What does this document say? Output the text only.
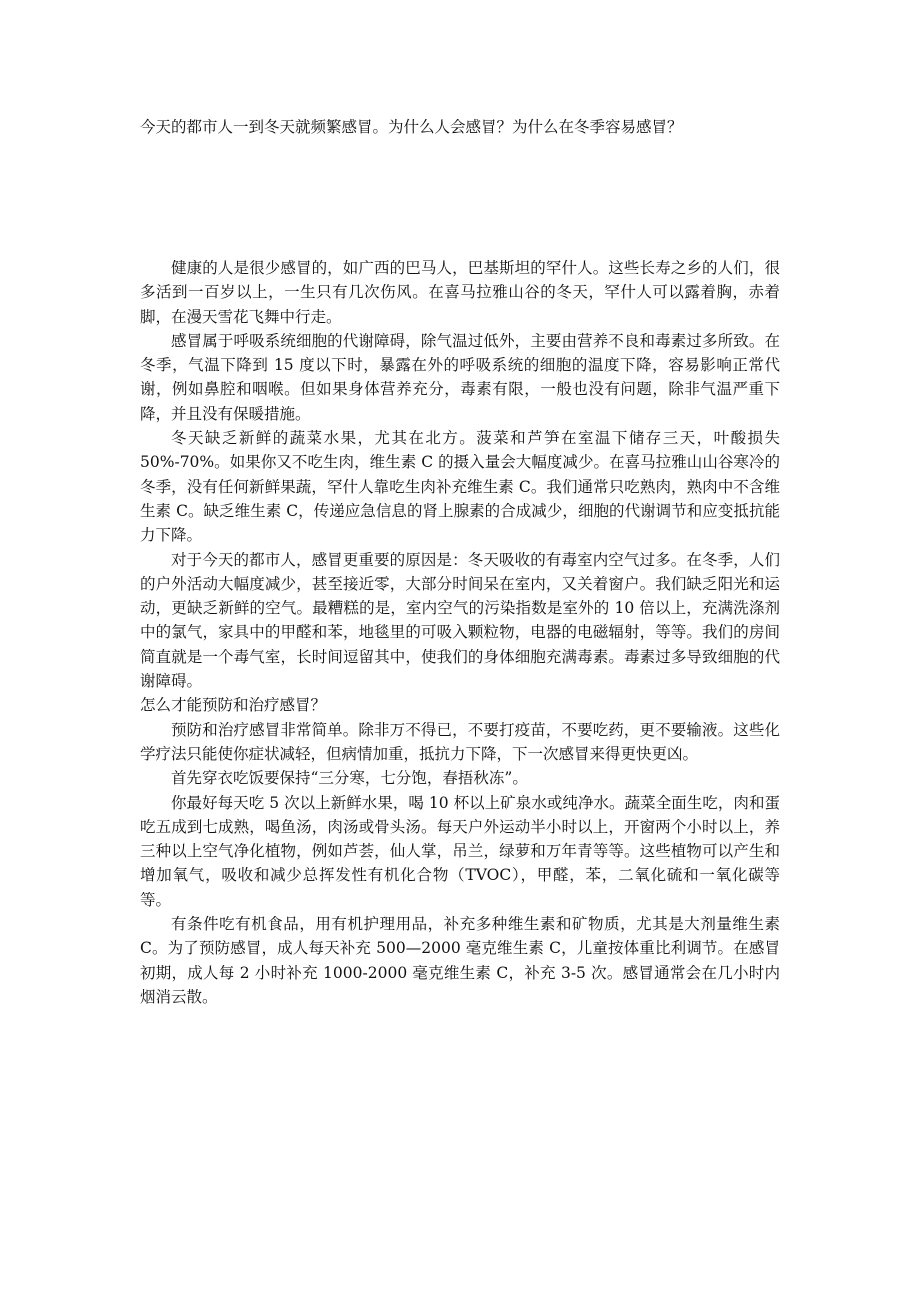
今天的都市人一到冬天就频繁感冒。为什么人会感冒？为什么在冬季容易感冒？

健康的人是很少感冒的，如广西的巴马人，巴基斯坦的罕什人。这些长寿之乡的人们，很多活到一百岁以上，一生只有几次伤风。在喜马拉雅山谷的冬天，罕什人可以露着胸，赤着脚，在漫天雪花飞舞中行走。

感冒属于呼吸系统细胞的代谢障碍，除气温过低外，主要由营养不良和毒素过多所致。在冬季，气温下降到 15 度以下时，暴露在外的呼吸系统的细胞的温度下降，容易影响正常代谢，例如鼻腔和咽喉。但如果身体营养充分，毒素有限，一般也没有问题，除非气温严重下降，并且没有保暖措施。

冬天缺乏新鲜的蔬菜水果，尤其在北方。菠菜和芦笋在室温下储存三天，叶酸损失 50%-70%。如果你又不吃生肉，维生素 C 的摄入量会大幅度减少。在喜马拉雅山山谷寒冷的冬季，没有任何新鲜果蔬，罕什人靠吃生肉补充维生素 C。我们通常只吃熟肉，熟肉中不含维生素 C。缺乏维生素 C，传递应急信息的肾上腺素的合成减少，细胞的代谢调节和应变抵抗能力下降。

对于今天的都市人，感冒更重要的原因是：冬天吸收的有毒室内空气过多。在冬季，人们的户外活动大幅度减少，甚至接近零，大部分时间呆在室内，又关着窗户。我们缺乏阳光和运动，更缺乏新鲜的空气。最糟糕的是，室内空气的污染指数是室外的 10 倍以上，充满洗涤剂中的氯气，家具中的甲醛和苯，地毯里的可吸入颗粒物，电器的电磁辐射，等等。我们的房间简直就是一个毒气室，长时间逗留其中，使我们的身体细胞充满毒素。毒素过多导致细胞的代谢障碍。

怎么才能预防和治疗感冒？

预防和治疗感冒非常简单。除非万不得已，不要打疫苗，不要吃药，更不要输液。这些化学疗法只能使你症状减轻，但病情加重，抵抗力下降，下一次感冒来得更快更凶。

首先穿衣吃饭要保持“三分寒，七分饱，春捂秋冻”。

你最好每天吃 5 次以上新鲜水果，喝 10 杯以上矿泉水或纯净水。蔬菜全面生吃，肉和蛋吃五成到七成熟，喝鱼汤，肉汤或骨头汤。每天户外运动半小时以上，开窗两个小时以上，养三种以上空气净化植物，例如芦荟，仙人掌，吊兰，绿萝和万年青等等。这些植物可以产生和增加氧气，吸收和减少总挥发性有机化合物（TVOC），甲醛，苯，二氧化硫和一氧化碳等等。

有条件吃有机食品，用有机护理用品，补充多种维生素和矿物质，尤其是大剂量维生素 C。为了预防感冒，成人每天补充 500—2000 毫克维生素 C，儿童按体重比利调节。在感冒初期，成人每 2 小时补充 1000-2000 毫克维生素 C，补充 3-5 次。感冒通常会在几小时内烟消云散。
